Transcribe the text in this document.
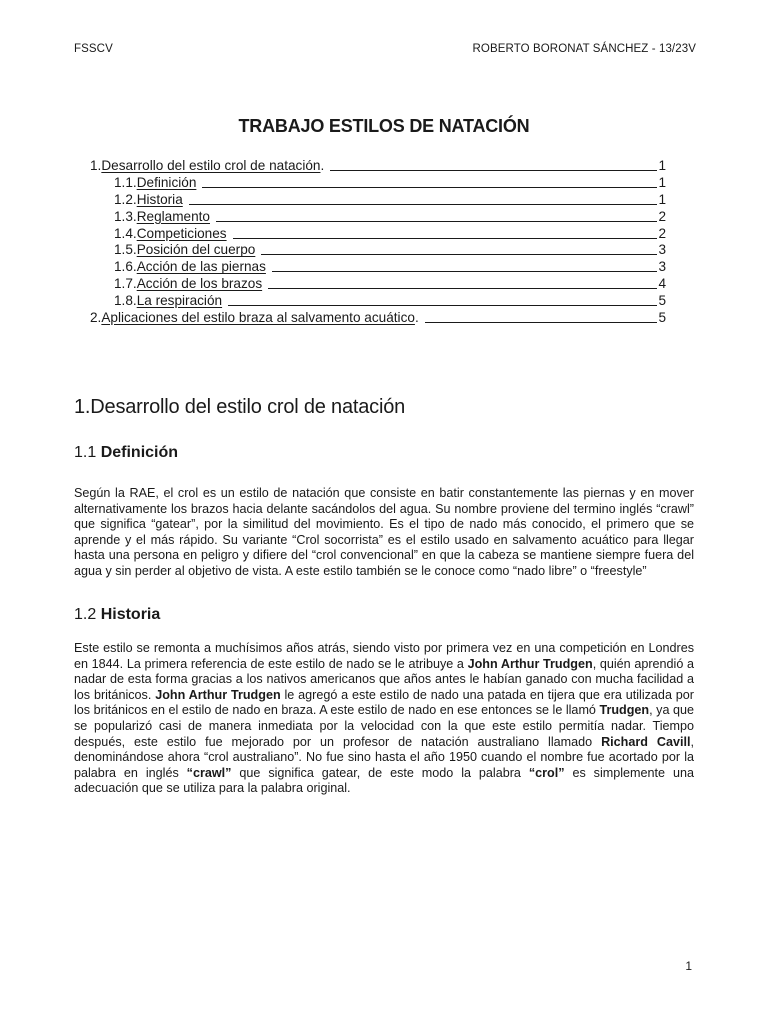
FSSCV	ROBERTO BORONAT SÁNCHEZ - 13/23V
TRABAJO ESTILOS DE NATACIÓN
1. Desarrollo del estilo crol de natación .	1
1.1. Definición	1
1.2. Historia	1
1.3. Reglamento	2
1.4. Competiciones	2
1.5. Posición del cuerpo	3
1.6. Acción de las piernas	3
1.7. Acción de los brazos	4
1.8. La respiración	5
2. Aplicaciones del estilo braza al salvamento acuático .	5
1.Desarrollo del estilo crol de natación
1.1 Definición
Según la RAE, el crol es un estilo de natación que consiste en batir constantemente las piernas y en mover alternativamente los brazos hacia delante sacándolos del agua. Su nombre proviene del termino inglés “crawl” que significa “gatear”, por la similitud del movimiento. Es el tipo de nado más conocido, el primero que se aprende y el más rápido. Su variante “Crol socorrista” es el estilo usado en salvamento acuático para llegar hasta una persona en peligro y difiere del “crol convencional” en que la cabeza se mantiene siempre fuera del agua y sin perder al objetivo de vista. A este estilo también se le conoce como “nado libre” o “freestyle”
1.2 Historia
Este estilo se remonta a muchísimos años atrás, siendo visto por primera vez en una competición en Londres en 1844. La primera referencia de este estilo de nado se le atribuye a John Arthur Trudgen, quién aprendió a nadar de esta forma gracias a los nativos americanos que años antes le habían ganado con mucha facilidad a los británicos. John Arthur Trudgen le agregó a este estilo de nado una patada en tijera que era utilizada por los británicos en el estilo de nado en braza. A este estilo de nado en ese entonces se le llamó Trudgen, ya que se popularizó casi de manera inmediata por la velocidad con la que este estilo permitía nadar. Tiempo después, este estilo fue mejorado por un profesor de natación australiano llamado Richard Cavill, denominándose ahora “crol australiano”. No fue sino hasta el año 1950 cuando el nombre fue acortado por la palabra en inglés “crawl” que significa gatear, de este modo la palabra “crol” es simplemente una adecuación que se utiliza para la palabra original.
1
